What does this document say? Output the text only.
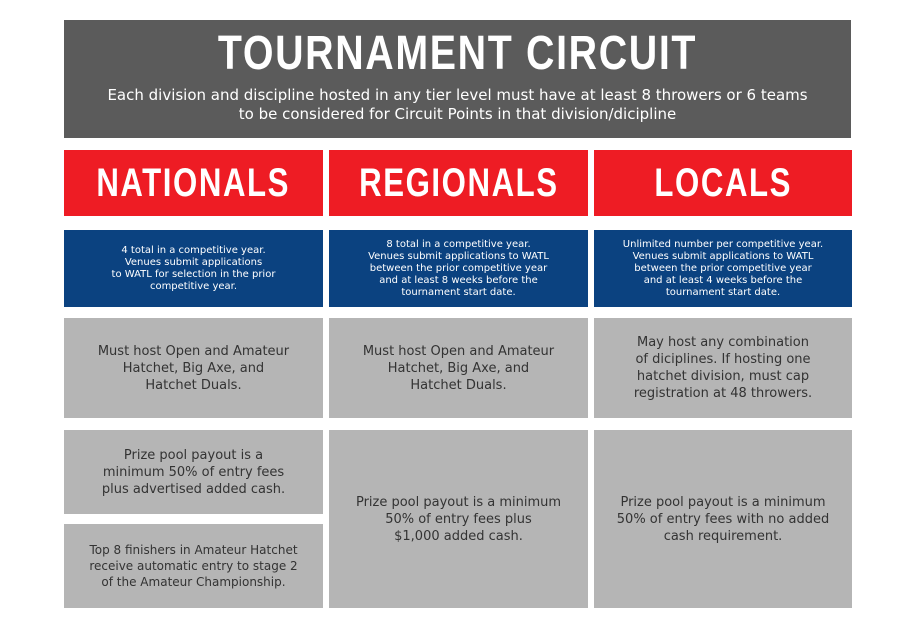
TOURNAMENT CIRCUIT
Each division and discipline hosted in any tier level must have at least 8 throwers or 6 teams
to be considered for Circuit Points in that division/dicipline
NATIONALS
4 total in a competitive year.
Venues submit applications
to WATL for selection in the prior
competitive year.
Must host Open and Amateur
Hatchet, Big Axe, and
Hatchet Duals.
Prize pool payout is a
minimum 50% of entry fees
plus advertised added cash.
Top 8 finishers in Amateur Hatchet
receive automatic entry to stage 2
of the Amateur Championship.
REGIONALS
8 total in a competitive year.
Venues submit applications to WATL
between the prior competitive year
and at least 8 weeks before the
tournament start date.
Must host Open and Amateur
Hatchet, Big Axe, and
Hatchet Duals.
Prize pool payout is a minimum
50% of entry fees plus
$1,000 added cash.
LOCALS
Unlimited number per competitive year.
Venues submit applications to WATL
between the prior competitive year
and at least 4 weeks before the
tournament start date.
May host any combination
of diciplines. If hosting one
hatchet division, must cap
registration at 48 throwers.
Prize pool payout is a minimum
50% of entry fees with no added
cash requirement.
